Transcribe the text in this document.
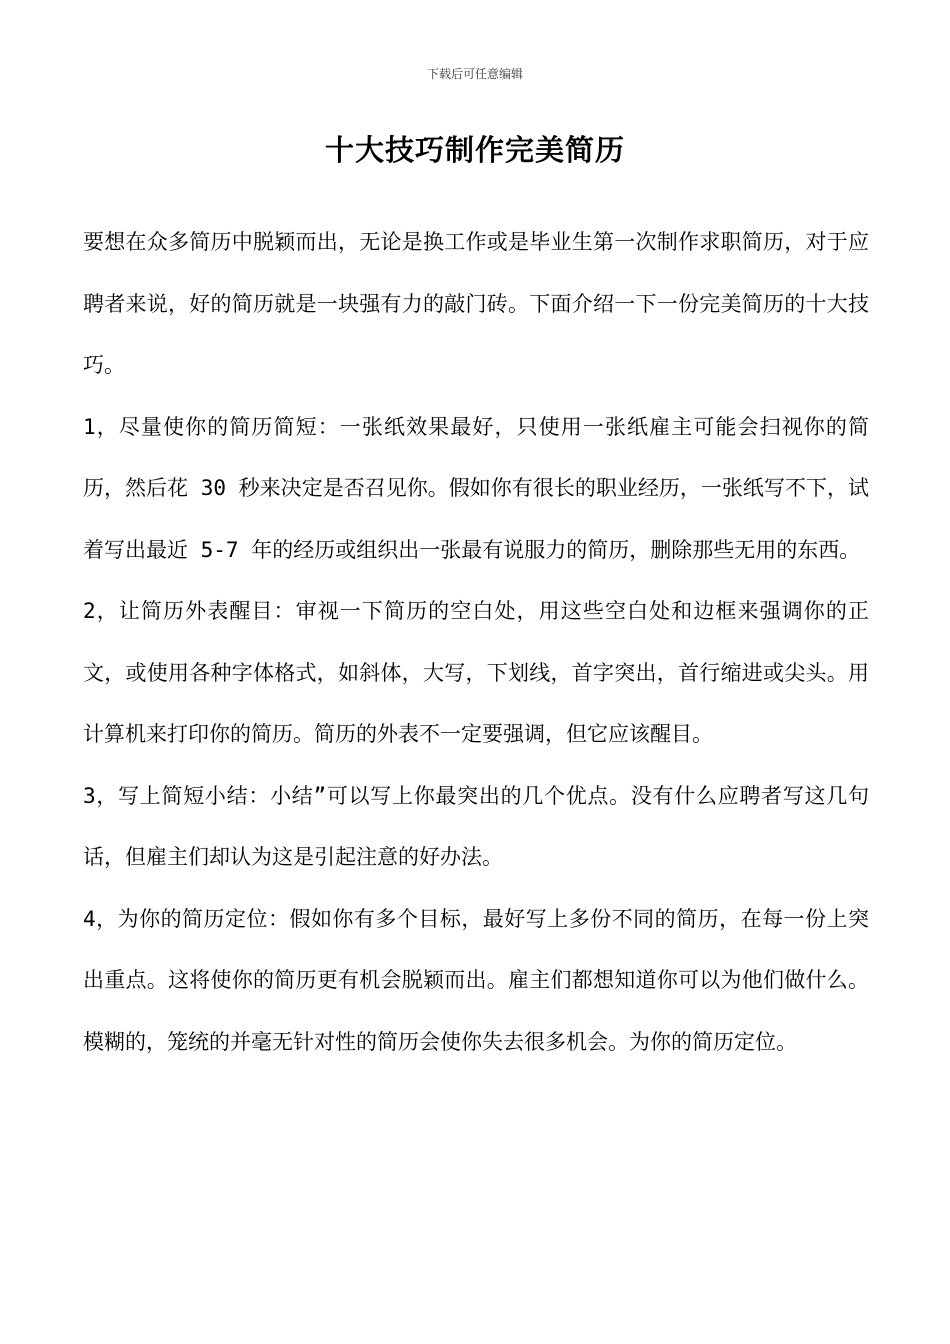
下载后可任意编辑
十大技巧制作完美简历

要想在众多简历中脱颖而出，无论是换工作或是毕业生第一次制作求职简历，对于应聘者来说，好的简历就是一块强有力的敲门砖。下面介绍一下一份完美简历的十大技巧。

1，尽量使你的简历简短：一张纸效果最好，只使用一张纸雇主可能会扫视你的简历，然后花 30 秒来决定是否召见你。假如你有很长的职业经历，一张纸写不下，试着写出最近 5-7 年的经历或组织出一张最有说服力的简历，删除那些无用的东西。

2，让简历外表醒目：审视一下简历的空白处，用这些空白处和边框来强调你的正文，或使用各种字体格式，如斜体，大写，下划线，首字突出，首行缩进或尖头。用计算机来打印你的简历。简历的外表不一定要强调，但它应该醒目。

3，写上简短小结：小结”可以写上你最突出的几个优点。没有什么应聘者写这几句话，但雇主们却认为这是引起注意的好办法。

4，为你的简历定位：假如你有多个目标，最好写上多份不同的简历，在每一份上突出重点。这将使你的简历更有机会脱颖而出。雇主们都想知道你可以为他们做什么。模糊的，笼统的并毫无针对性的简历会使你失去很多机会。为你的简历定位。
